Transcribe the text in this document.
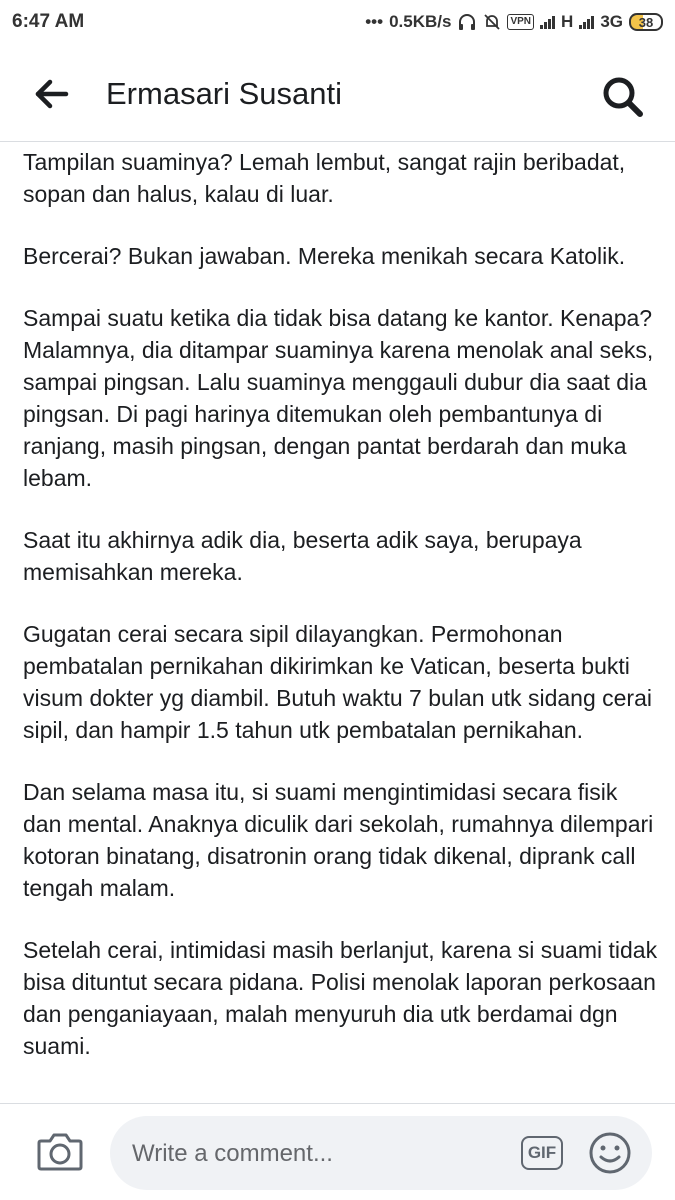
6:47 AM	••• 0.5KB/s	VPN H 3G	38
Ermasari Susanti

Tampilan suaminya? Lemah lembut, sangat rajin beribadat, sopan dan halus, kalau di luar.

Bercerai? Bukan jawaban. Mereka menikah secara Katolik.

Sampai suatu ketika dia tidak bisa datang ke kantor. Kenapa? Malamnya, dia ditampar suaminya karena menolak anal seks, sampai pingsan. Lalu suaminya menggauli dubur dia saat dia pingsan. Di pagi harinya ditemukan oleh pembantunya di ranjang, masih pingsan, dengan pantat berdarah dan muka lebam.

Saat itu akhirnya adik dia, beserta adik saya, berupaya memisahkan mereka.

Gugatan cerai secara sipil dilayangkan. Permohonan pembatalan pernikahan dikirimkan ke Vatican, beserta bukti visum dokter yg diambil. Butuh waktu 7 bulan utk sidang cerai sipil, dan hampir 1.5 tahun utk pembatalan pernikahan.

Dan selama masa itu, si suami mengintimidasi secara fisik dan mental. Anaknya diculik dari sekolah, rumahnya dilempari kotoran binatang, disatronin orang tidak dikenal, diprank call tengah malam.

Setelah cerai, intimidasi masih berlanjut, karena si suami tidak bisa dituntut secara pidana. Polisi menolak laporan perkosaan dan penganiayaan, malah menyuruh dia utk berdamai dgn suami.

Write a comment...	GIF
